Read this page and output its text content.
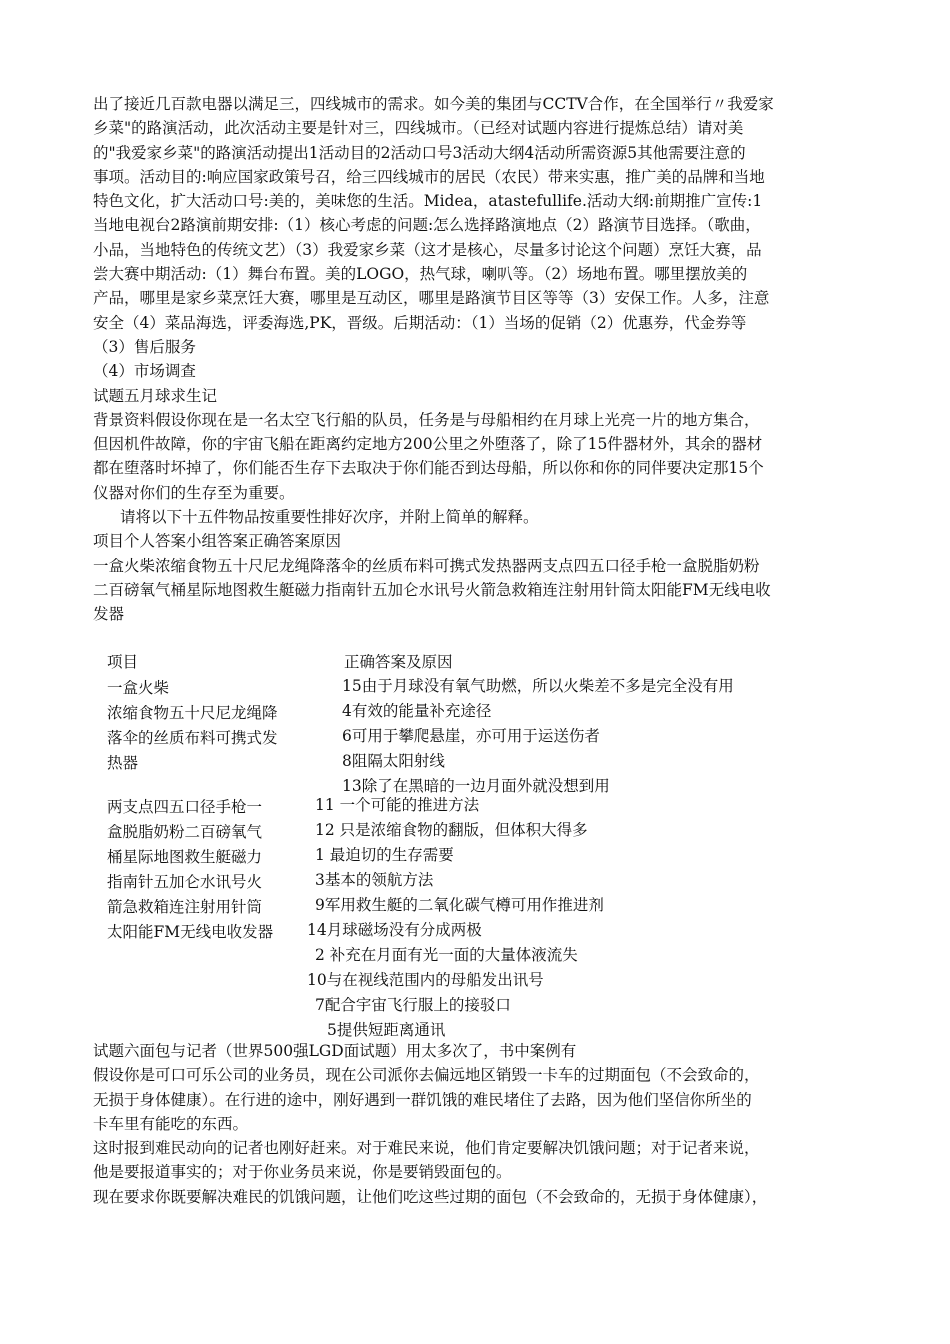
出了接近几百款电器以满足三，四线城市的需求。如今美的集团与CCTV合作，在全国举行〃我爱家

乡菜"的路演活动，此次活动主要是针对三，四线城市。（已经对试题内容进行提炼总结）请对美

的"我爱家乡菜"的路演活动提出1活动目的2活动口号3活动大纲4活动所需资源5其他需要注意的

事项。活动目的:响应国家政策号召，给三四线城市的居民（农民）带来实惠，推广美的品牌和当地

特色文化，扩大活动口号:美的，美味您的生活。Midea，atastefullife.活动大纲:前期推广宣传:1

当地电视台2路演前期安排:（1）核心考虑的问题:怎么选择路演地点（2）路演节目选择。（歌曲，

小品，当地特色的传统文艺）（3）我爱家乡菜（这才是核心，尽量多讨论这个问题）烹饪大赛，品

尝大赛中期活动:（1）舞台布置。美的LOGO，热气球，喇叭等。（2）场地布置。哪里摆放美的

产品，哪里是家乡菜烹饪大赛，哪里是互动区，哪里是路演节目区等等（3）安保工作。人多，注意

安全（4）菜品海选，评委海选,PK，晋级。后期活动：（1）当场的促销（2）优惠券，代金券等

（3）售后服务

（4）市场调查

试题五月球求生记

背景资料假设你现在是一名太空飞行船的队员，任务是与母船相约在月球上光亮一片的地方集合，

但因机件故障，你的宇宙飞船在距离约定地方200公里之外堕落了，除了15件器材外，其余的器材

都在堕落时坏掉了，你们能否生存下去取决于你们能否到达母船，所以你和你的同伴要决定那15个

仪器对你们的生存至为重要。

请将以下十五件物品按重要性排好次序，并附上简单的解释。

项目个人答案小组答案正确答案原因

一盒火柴浓缩食物五十尺尼龙绳降落伞的丝质布料可携式发热器两支点四五口径手枪一盒脱脂奶粉

二百磅氧气桶星际地图救生艇磁力指南针五加仑水讯号火箭急救箱连注射用针筒太阳能FM无线电收

发器

项目	正确答案及原因
一盒火柴
浓缩食物五十尺尼龙绳降
落伞的丝质布料可携式发
热器
两支点四五口径手枪一
盒脱脂奶粉二百磅氧气
桶星际地图救生艇磁力
指南针五加仑水讯号火
箭急救箱连注射用针筒
太阳能FM无线电收发器
15由于月球没有氧气助燃，所以火柴差不多是完全没有用
4有效的能量补充途径
6可用于攀爬悬崖，亦可用于运送伤者
8阻隔太阳射线
13除了在黑暗的一边月面外就没想到用
11 一个可能的推进方法
12 只是浓缩食物的翻版，但体积大得多
1 最迫切的生存需要
3基本的领航方法
9军用救生艇的二氧化碳气樽可用作推进剂
14月球磁场没有分成两极
2 补充在月面有光一面的大量体液流失
10与在视线范围内的母船发出讯号
7配合宇宙飞行服上的接驳口
5提供短距离通讯

试题六面包与记者（世界500强LGD面试题）用太多次了，书中案例有

假设你是可口可乐公司的业务员，现在公司派你去偏远地区销毁一卡车的过期面包（不会致命的，

无损于身体健康）。在行进的途中，刚好遇到一群饥饿的难民堵住了去路，因为他们坚信你所坐的

卡车里有能吃的东西。

这时报到难民动向的记者也刚好赶来。对于难民来说，他们肯定要解决饥饿问题；对于记者来说，

他是要报道事实的；对于你业务员来说，你是要销毁面包的。

现在要求你既要解决难民的饥饿问题，让他们吃这些过期的面包（不会致命的，无损于身体健康），
